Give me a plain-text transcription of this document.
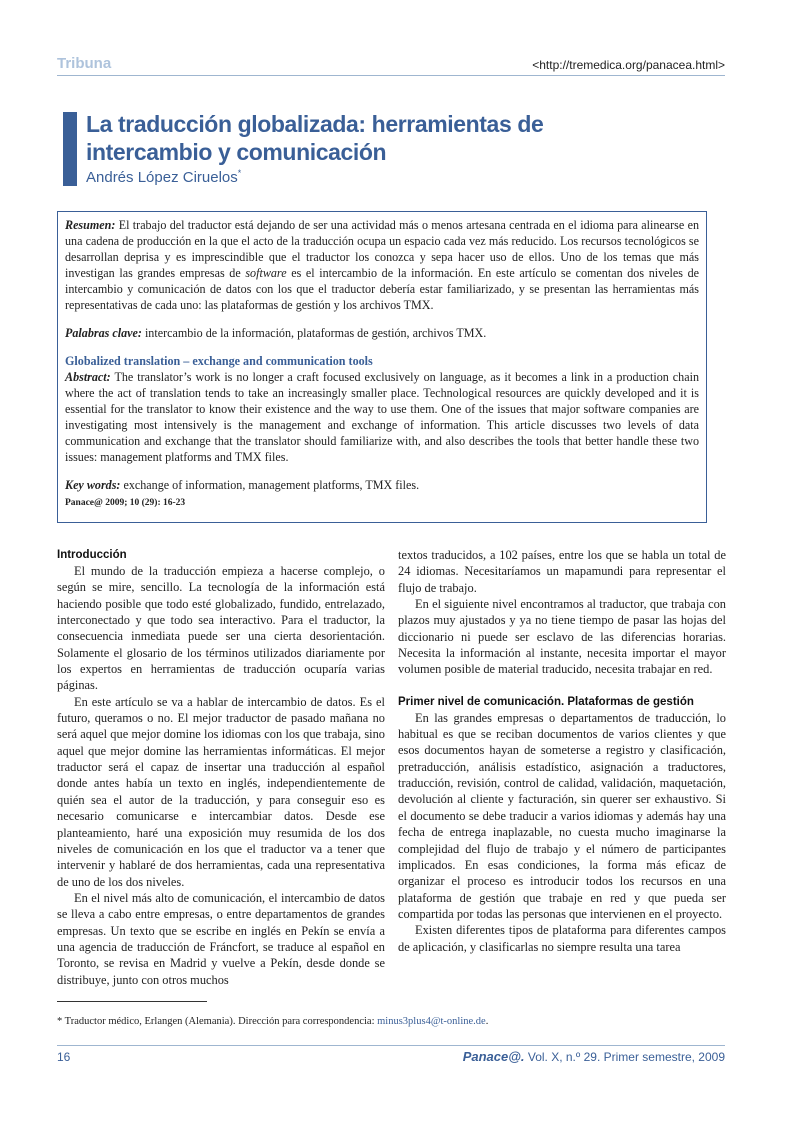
Tribuna	<http://tremedica.org/panacea.html>
La traducción globalizada: herramientas de intercambio y comunicación
Andrés López Ciruelos*

Resumen: El trabajo del traductor está dejando de ser una actividad más o menos artesana centrada en el idioma para alinearse en una cadena de producción en la que el acto de la traducción ocupa un espacio cada vez más reducido. Los recursos tecnológicos se desarrollan deprisa y es imprescindible que el traductor los conozca y sepa hacer uso de ellos. Uno de los temas que más investigan las grandes empresas de software es el intercambio de la información. En este artículo se comentan dos niveles de intercambio y comunicación de datos con los que el traductor debería estar familiarizado, y se presentan las herramientas más representativas de cada uno: las plataformas de gestión y los archivos TMX.

Palabras clave: intercambio de la información, plataformas de gestión, archivos TMX.

Globalized translation – exchange and communication tools

Abstract: The translator’s work is no longer a craft focused exclusively on language, as it becomes a link in a production chain where the act of translation tends to take an increasingly smaller place. Technological resources are quickly developed and it is essential for the translator to know their existence and the way to use them. One of the issues that major software companies are investigating most intensively is the management and exchange of information. This article discusses two levels of data communication and exchange that the translator should familiarize with, and also describes the tools that better handle these two issues: management platforms and TMX files.

Key words: exchange of information, management platforms, TMX files.

Panace@ 2009; 10 (29): 16-23

Introducción

El mundo de la traducción empieza a hacerse complejo, o según se mire, sencillo. La tecnología de la información está haciendo posible que todo esté globalizado, fundido, entrelazado, interconectado y que todo sea interactivo. Para el traductor, la consecuencia inmediata puede ser una cierta desorientación. Solamente el glosario de los términos utilizados diariamente por los expertos en herramientas de traducción ocuparía varias páginas.

En este artículo se va a hablar de intercambio de datos. Es el futuro, queramos o no. El mejor traductor de pasado mañana no será aquel que mejor domine los idiomas con los que trabaja, sino aquel que mejor domine las herramientas informáticas. El mejor traductor será el capaz de insertar una traducción al español donde antes había un texto en inglés, independientemente de quién sea el autor de la traducción, y para conseguir eso es necesario comunicarse e intercambiar datos. Desde ese planteamiento, haré una exposición muy resumida de los dos niveles de comunicación en los que el traductor va a tener que intervenir y hablaré de dos herramientas, cada una representativa de uno de los dos niveles.

En el nivel más alto de comunicación, el intercambio de datos se lleva a cabo entre empresas, o entre departamentos de grandes empresas. Un texto que se escribe en inglés en Pekín se envía a una agencia de traducción de Fráncfort, se traduce al español en Toronto, se revisa en Madrid y vuelve a Pekín, desde donde se distribuye, junto con otros muchos

textos traducidos, a 102 países, entre los que se habla un total de 24 idiomas. Necesitaríamos un mapamundi para representar el flujo de trabajo.

En el siguiente nivel encontramos al traductor, que trabaja con plazos muy ajustados y ya no tiene tiempo de pasar las hojas del diccionario ni puede ser esclavo de las diferencias horarias. Necesita la información al instante, necesita importar el mayor volumen posible de material traducido, necesita trabajar en red.

Primer nivel de comunicación. Plataformas de gestión

En las grandes empresas o departamentos de traducción, lo habitual es que se reciban documentos de varios clientes y que esos documentos hayan de someterse a registro y clasificación, pretraducción, análisis estadístico, asignación a traductores, traducción, revisión, control de calidad, validación, maquetación, devolución al cliente y facturación, sin querer ser exhaustivo. Si el documento se debe traducir a varios idiomas y además hay una fecha de entrega inaplazable, no cuesta mucho imaginarse la complejidad del flujo de trabajo y el número de participantes implicados. En esas condiciones, la forma más eficaz de organizar el proceso es introducir todos los recursos en una plataforma de gestión que trabaje en red y que pueda ser compartida por todas las personas que intervienen en el proyecto.

Existen diferentes tipos de plataforma para diferentes campos de aplicación, y clasificarlas no siempre resulta una tarea

* Traductor médico, Erlangen (Alemania). Dirección para correspondencia: minus3plus4@t-online.de.
16	Panace@. Vol. X, n.º 29. Primer semestre, 2009
